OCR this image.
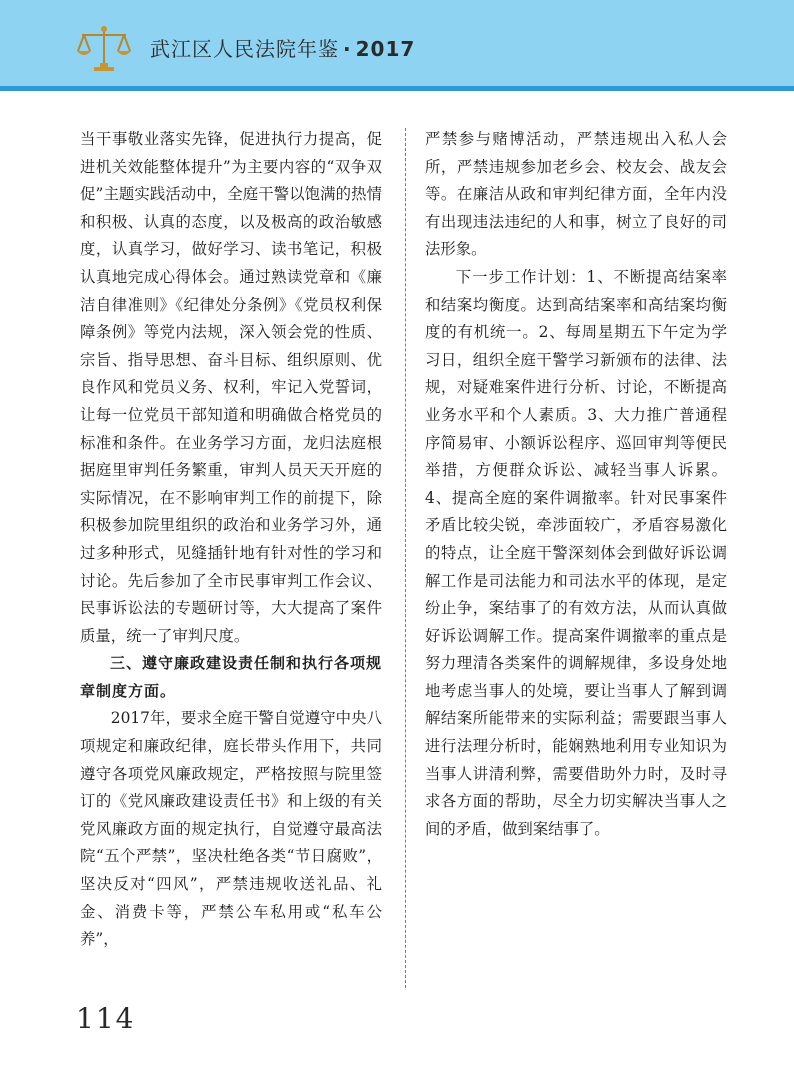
武江区人民法院年鉴 · 2017

当干事敬业落实先锋，促进执行力提高，促进机关效能整体提升”为主要内容的“双争双促”主题实践活动中，全庭干警以饱满的热情和积极、认真的态度，以及极高的政治敏感度，认真学习，做好学习、读书笔记，积极认真地完成心得体会。通过熟读党章和《廉洁自律准则》《纪律处分条例》《党员权利保障条例》等党内法规，深入领会党的性质、宗旨、指导思想、奋斗目标、组织原则、优良作风和党员义务、权利，牢记入党誓词，让每一位党员干部知道和明确做合格党员的标准和条件。在业务学习方面，龙归法庭根据庭里审判任务繁重，审判人员天天开庭的实际情况，在不影响审判工作的前提下，除积极参加院里组织的政治和业务学习外，通过多种形式，见缝插针地有针对性的学习和讨论。先后参加了全市民事审判工作会议、民事诉讼法的专题研讨等，大大提高了案件质量，统一了审判尺度。

三、遵守廉政建设责任制和执行各项规章制度方面。

2017年，要求全庭干警自觉遵守中央八项规定和廉政纪律，庭长带头作用下，共同遵守各项党风廉政规定，严格按照与院里签订的《党风廉政建设责任书》和上级的有关党风廉政方面的规定执行，自觉遵守最高法院“五个严禁”，坚决杜绝各类“节日腐败”，坚决反对“四风”，严禁违规收送礼品、礼金、消费卡等，严禁公车私用或“私车公养”，

严禁参与赌博活动，严禁违规出入私人会所，严禁违规参加老乡会、校友会、战友会等。在廉洁从政和审判纪律方面，全年内没有出现违法违纪的人和事，树立了良好的司法形象。

下一步工作计划：1、不断提高结案率和结案均衡度。达到高结案率和高结案均衡度的有机统一。2、每周星期五下午定为学习日，组织全庭干警学习新颁布的法律、法规，对疑难案件进行分析、讨论，不断提高业务水平和个人素质。3、大力推广普通程序简易审、小额诉讼程序、巡回审判等便民举措，方便群众诉讼、减轻当事人诉累。4、提高全庭的案件调撤率。针对民事案件矛盾比较尖锐，牵涉面较广，矛盾容易激化的特点，让全庭干警深刻体会到做好诉讼调解工作是司法能力和司法水平的体现，是定纷止争，案结事了的有效方法，从而认真做好诉讼调解工作。提高案件调撤率的重点是努力理清各类案件的调解规律，多设身处地地考虑当事人的处境，要让当事人了解到调解结案所能带来的实际利益；需要跟当事人进行法理分析时，能娴熟地利用专业知识为当事人讲清利弊，需要借助外力时，及时寻求各方面的帮助，尽全力切实解决当事人之间的矛盾，做到案结事了。

114
